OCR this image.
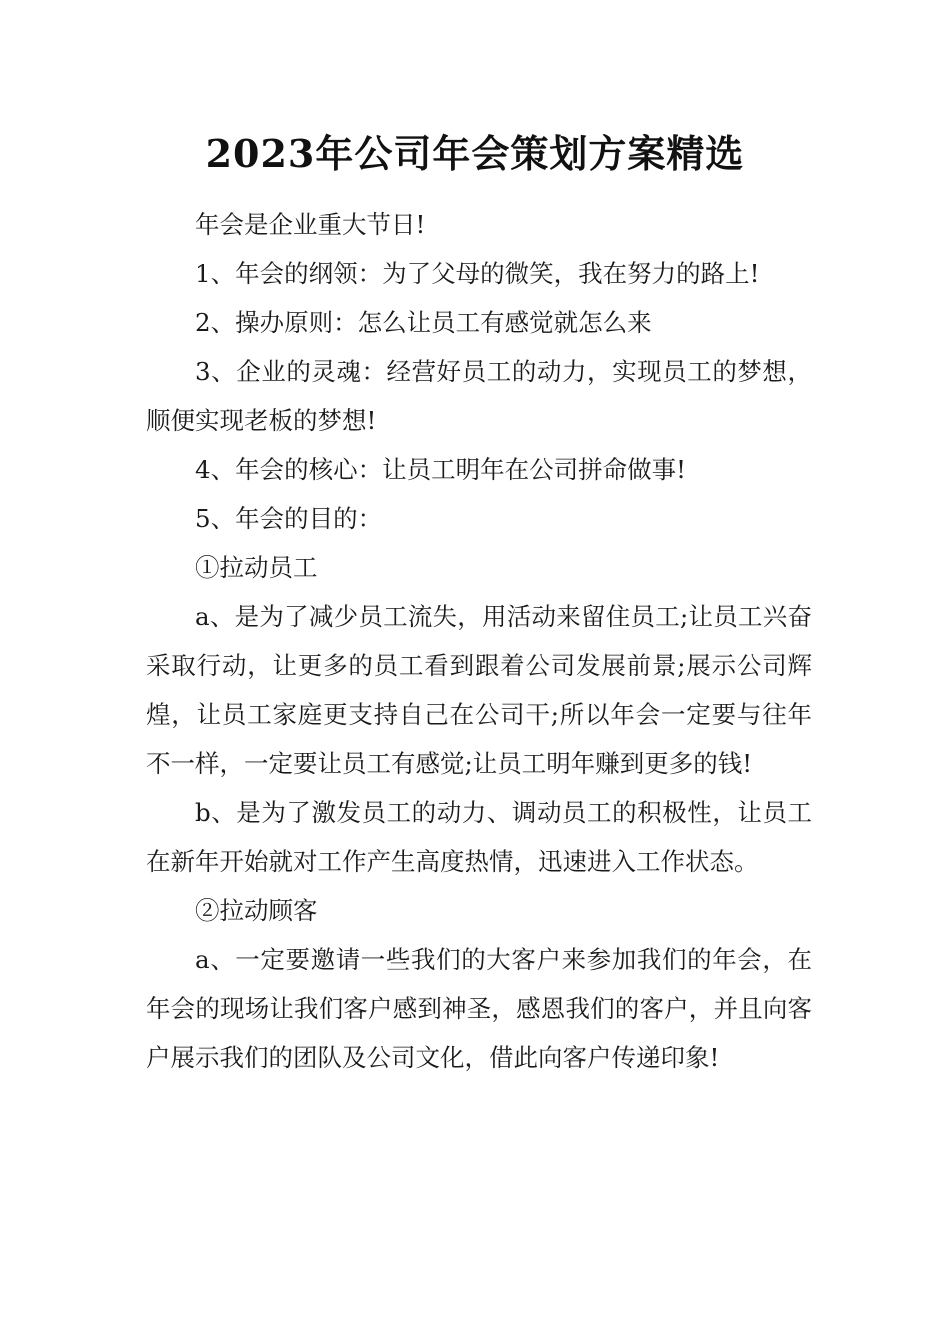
2023年公司年会策划方案精选

年会是企业重大节日!

1、年会的纲领：为了父母的微笑，我在努力的路上!

2、操办原则：怎么让员工有感觉就怎么来

3、企业的灵魂：经营好员工的动力，实现员工的梦想，顺便实现老板的梦想!

4、年会的核心：让员工明年在公司拼命做事!

5、年会的目的：

①拉动员工

a、是为了减少员工流失，用活动来留住员工;让员工兴奋采取行动，让更多的员工看到跟着公司发展前景;展示公司辉煌，让员工家庭更支持自己在公司干;所以年会一定要与往年不一样，一定要让员工有感觉;让员工明年赚到更多的钱!

b、是为了激发员工的动力、调动员工的积极性，让员工在新年开始就对工作产生高度热情，迅速进入工作状态。

②拉动顾客

a、一定要邀请一些我们的大客户来参加我们的年会，在年会的现场让我们客户感到神圣，感恩我们的客户，并且向客户展示我们的团队及公司文化，借此向客户传递印象!
